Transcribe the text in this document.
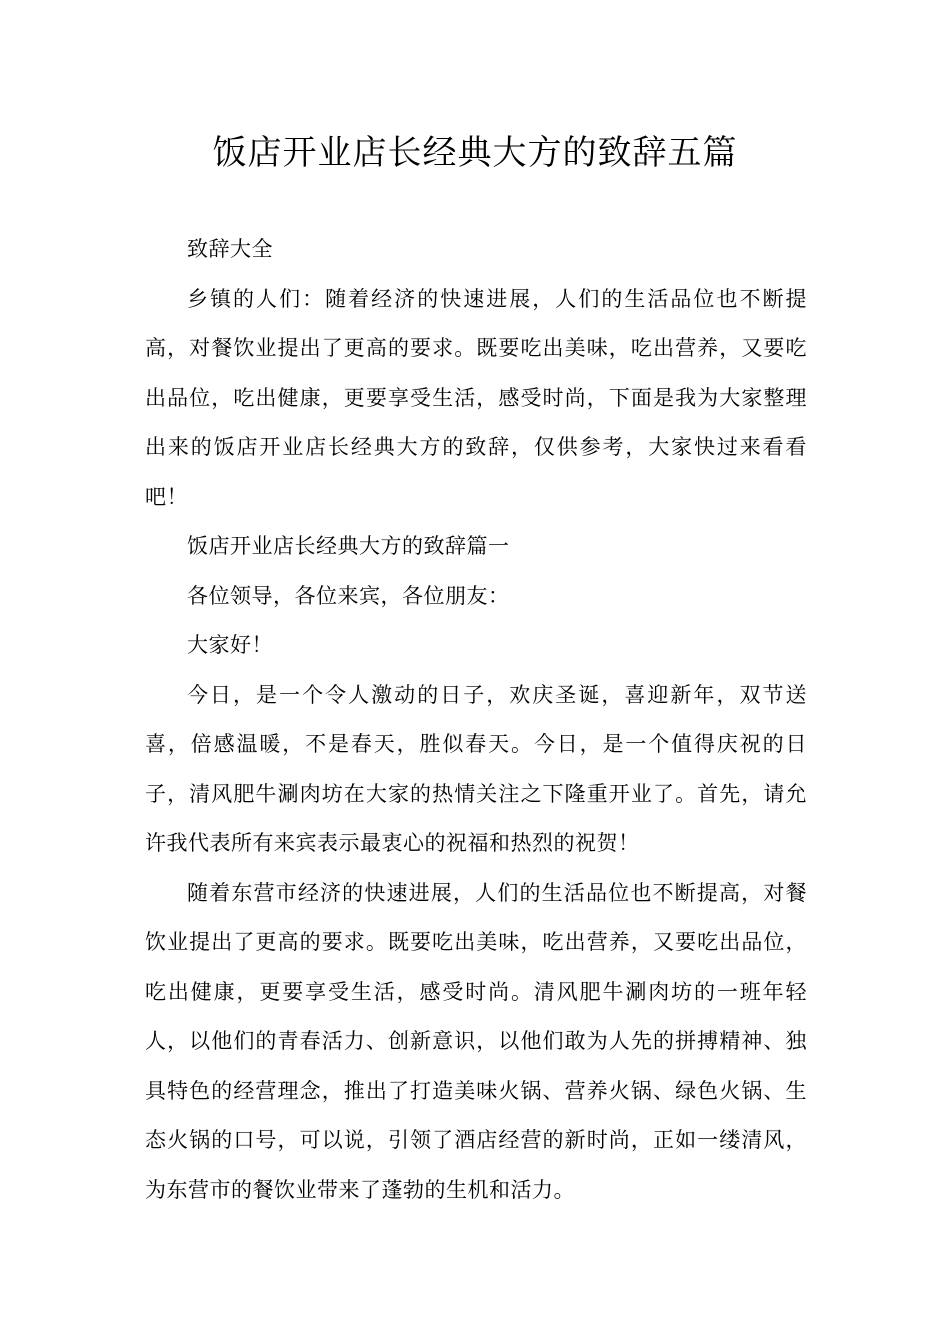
饭店开业店长经典大方的致辞五篇

致辞大全

乡镇的人们：随着经济的快速进展，人们的生活品位也不断提高，对餐饮业提出了更高的要求。既要吃出美味，吃出营养，又要吃出品位，吃出健康，更要享受生活，感受时尚，下面是我为大家整理出来的饭店开业店长经典大方的致辞，仅供参考，大家快过来看看吧！

饭店开业店长经典大方的致辞篇一

各位领导，各位来宾，各位朋友：

大家好！

今日，是一个令人激动的日子，欢庆圣诞，喜迎新年，双节送喜，倍感温暖，不是春天，胜似春天。今日，是一个值得庆祝的日子，清风肥牛涮肉坊在大家的热情关注之下隆重开业了。首先，请允许我代表所有来宾表示最衷心的祝福和热烈的祝贺！

随着东营市经济的快速进展，人们的生活品位也不断提高，对餐饮业提出了更高的要求。既要吃出美味，吃出营养，又要吃出品位，吃出健康，更要享受生活，感受时尚。清风肥牛涮肉坊的一班年轻人，以他们的青春活力、创新意识，以他们敢为人先的拼搏精神、独具特色的经营理念，推出了打造美味火锅、营养火锅、绿色火锅、生态火锅的口号，可以说，引领了酒店经营的新时尚，正如一缕清风，为东营市的餐饮业带来了蓬勃的生机和活力。
